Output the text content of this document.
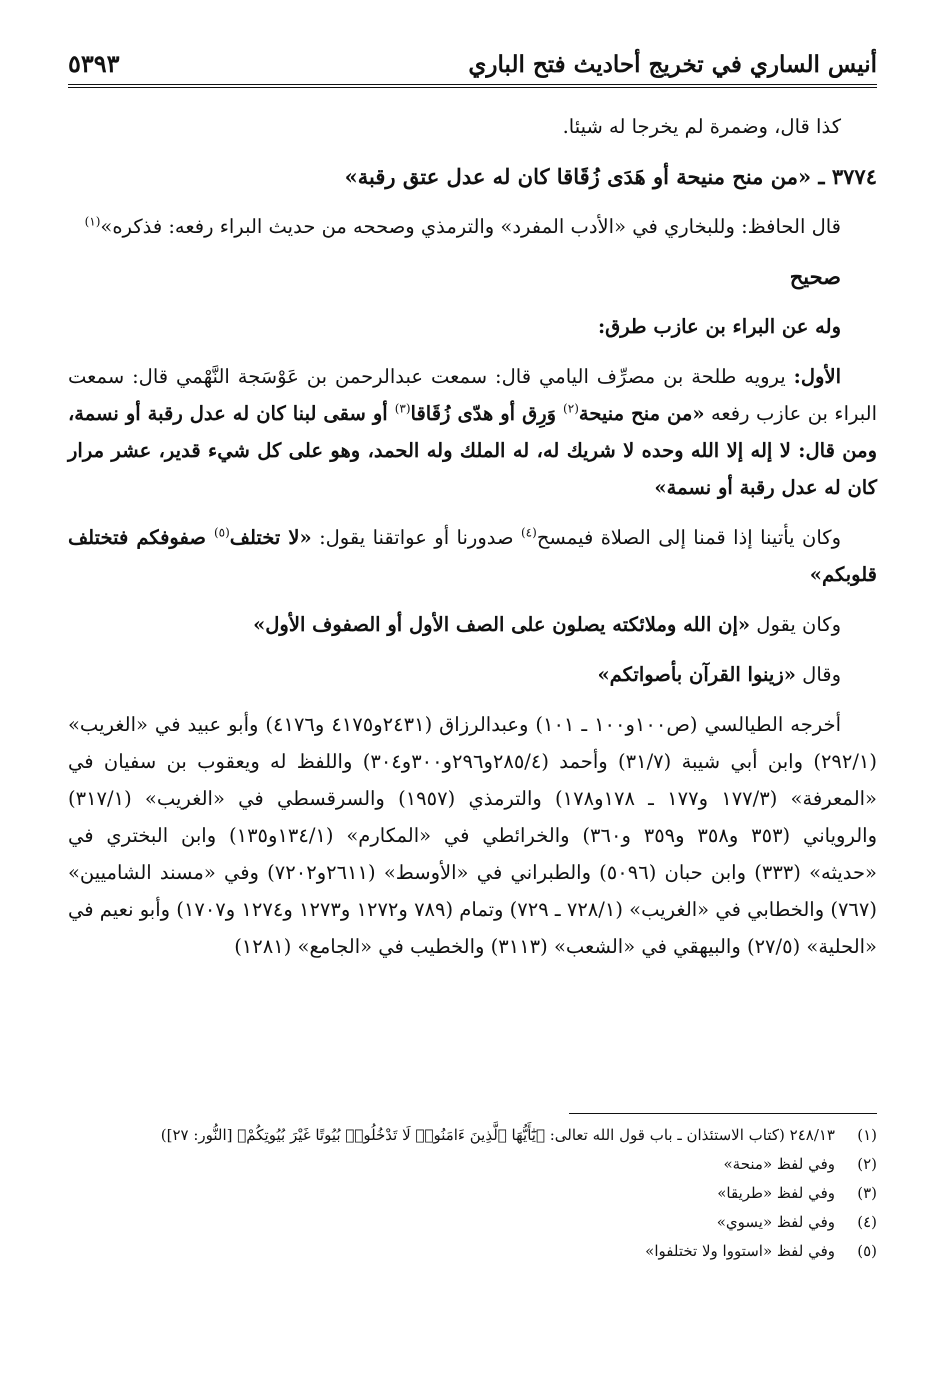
أنيس الساري في تخريج أحاديث فتح الباري
٥٣٩٣

كذا قال، وضمرة لم يخرجا له شيئا.

٣٧٧٤ ـ «من منح منيحة أو هَدَى زُقَاقا كان له عدل عتق رقبة»

قال الحافظ: وللبخاري في «الأدب المفرد» والترمذي وصححه من حديث البراء رفعه: فذكره»$^{(١)}$

صحيح

وله عن البراء بن عازب طرق:

الأول: يرويه طلحة بن مصرِّف اليامي قال: سمعت عبدالرحمن بن عَوْسَجة النَّهْمي قال: سمعت البراء بن عازب رفعه «من منح منيحة$^{(٢)}$ وَرِق أو هدّى زُقَاقا$^{(٣)}$ أو سقى لبنا كان له عدل رقبة أو نسمة، ومن قال: لا إله إلا الله وحده لا شريك له، له الملك وله الحمد، وهو على كل شيء قدير، عشر مرار كان له عدل رقبة أو نسمة»

وكان يأتينا إذا قمنا إلى الصلاة فيمسح$^{(٤)}$ صدورنا أو عواتقنا يقول: «لا تختلف$^{(٥)}$ صفوفكم فتختلف قلوبكم»

وكان يقول «إن الله وملائكته يصلون على الصف الأول أو الصفوف الأول»

وقال «زينوا القرآن بأصواتكم»

أخرجه الطيالسي (ص١٠٠و١٠٠ ـ ١٠١) وعبدالرزاق (٢٤٣١و٤١٧٥ و٤١٧٦) وأبو عبيد في «الغريب» (٢٩٢/١) وابن أبي شيبة (٣١/٧) وأحمد (٢٨٥/٤و٢٩٦و٣٠٠و٣٠٤) واللفظ له ويعقوب بن سفيان في «المعرفة» (١٧٧/٣ و١٧٧ ـ ١٧٨و١٧٨) والترمذي (١٩٥٧) والسرقسطي في «الغريب» (٣١٧/١) والروياني (٣٥٣ و٣٥٨ و٣٥٩ و٣٦٠) والخرائطي في «المكارم» (١٣٤/١و١٣٥) وابن البختري في «حديثه» (٣٣٣) وابن حبان (٥٠٩٦) والطبراني في «الأوسط» (٢٦١١و٧٢٠٢) وفي «مسند الشاميين» (٧٦٧) والخطابي في «الغريب» (٧٢٨/١ ـ ٧٢٩) وتمام (٧٨٩ و١٢٧٢ و١٢٧٣ و١٢٧٤ و١٧٠٧) وأبو نعيم في «الحلية» (٢٧/٥) والبيهقي في «الشعب» (٣١١٣) والخطيب في «الجامع» (١٢٨١)

(١)
٢٤٨/١٣ (كتاب الاستئذان ـ باب قول الله تعالى: ﴿يَٰٓأَيُّهَا ٱلَّذِينَ ءَامَنُوا۟ لَا تَدْخُلُوا۟ بُيُوتًا غَيْرَ بُيُوتِكُمْ﴾ [النُّور: ٢٧])
(٢)
وفي لفظ «منحة»
(٣)
وفي لفظ «طريقا»
(٤)
وفي لفظ «يسوي»
(٥)
وفي لفظ «استووا ولا تختلفوا»
